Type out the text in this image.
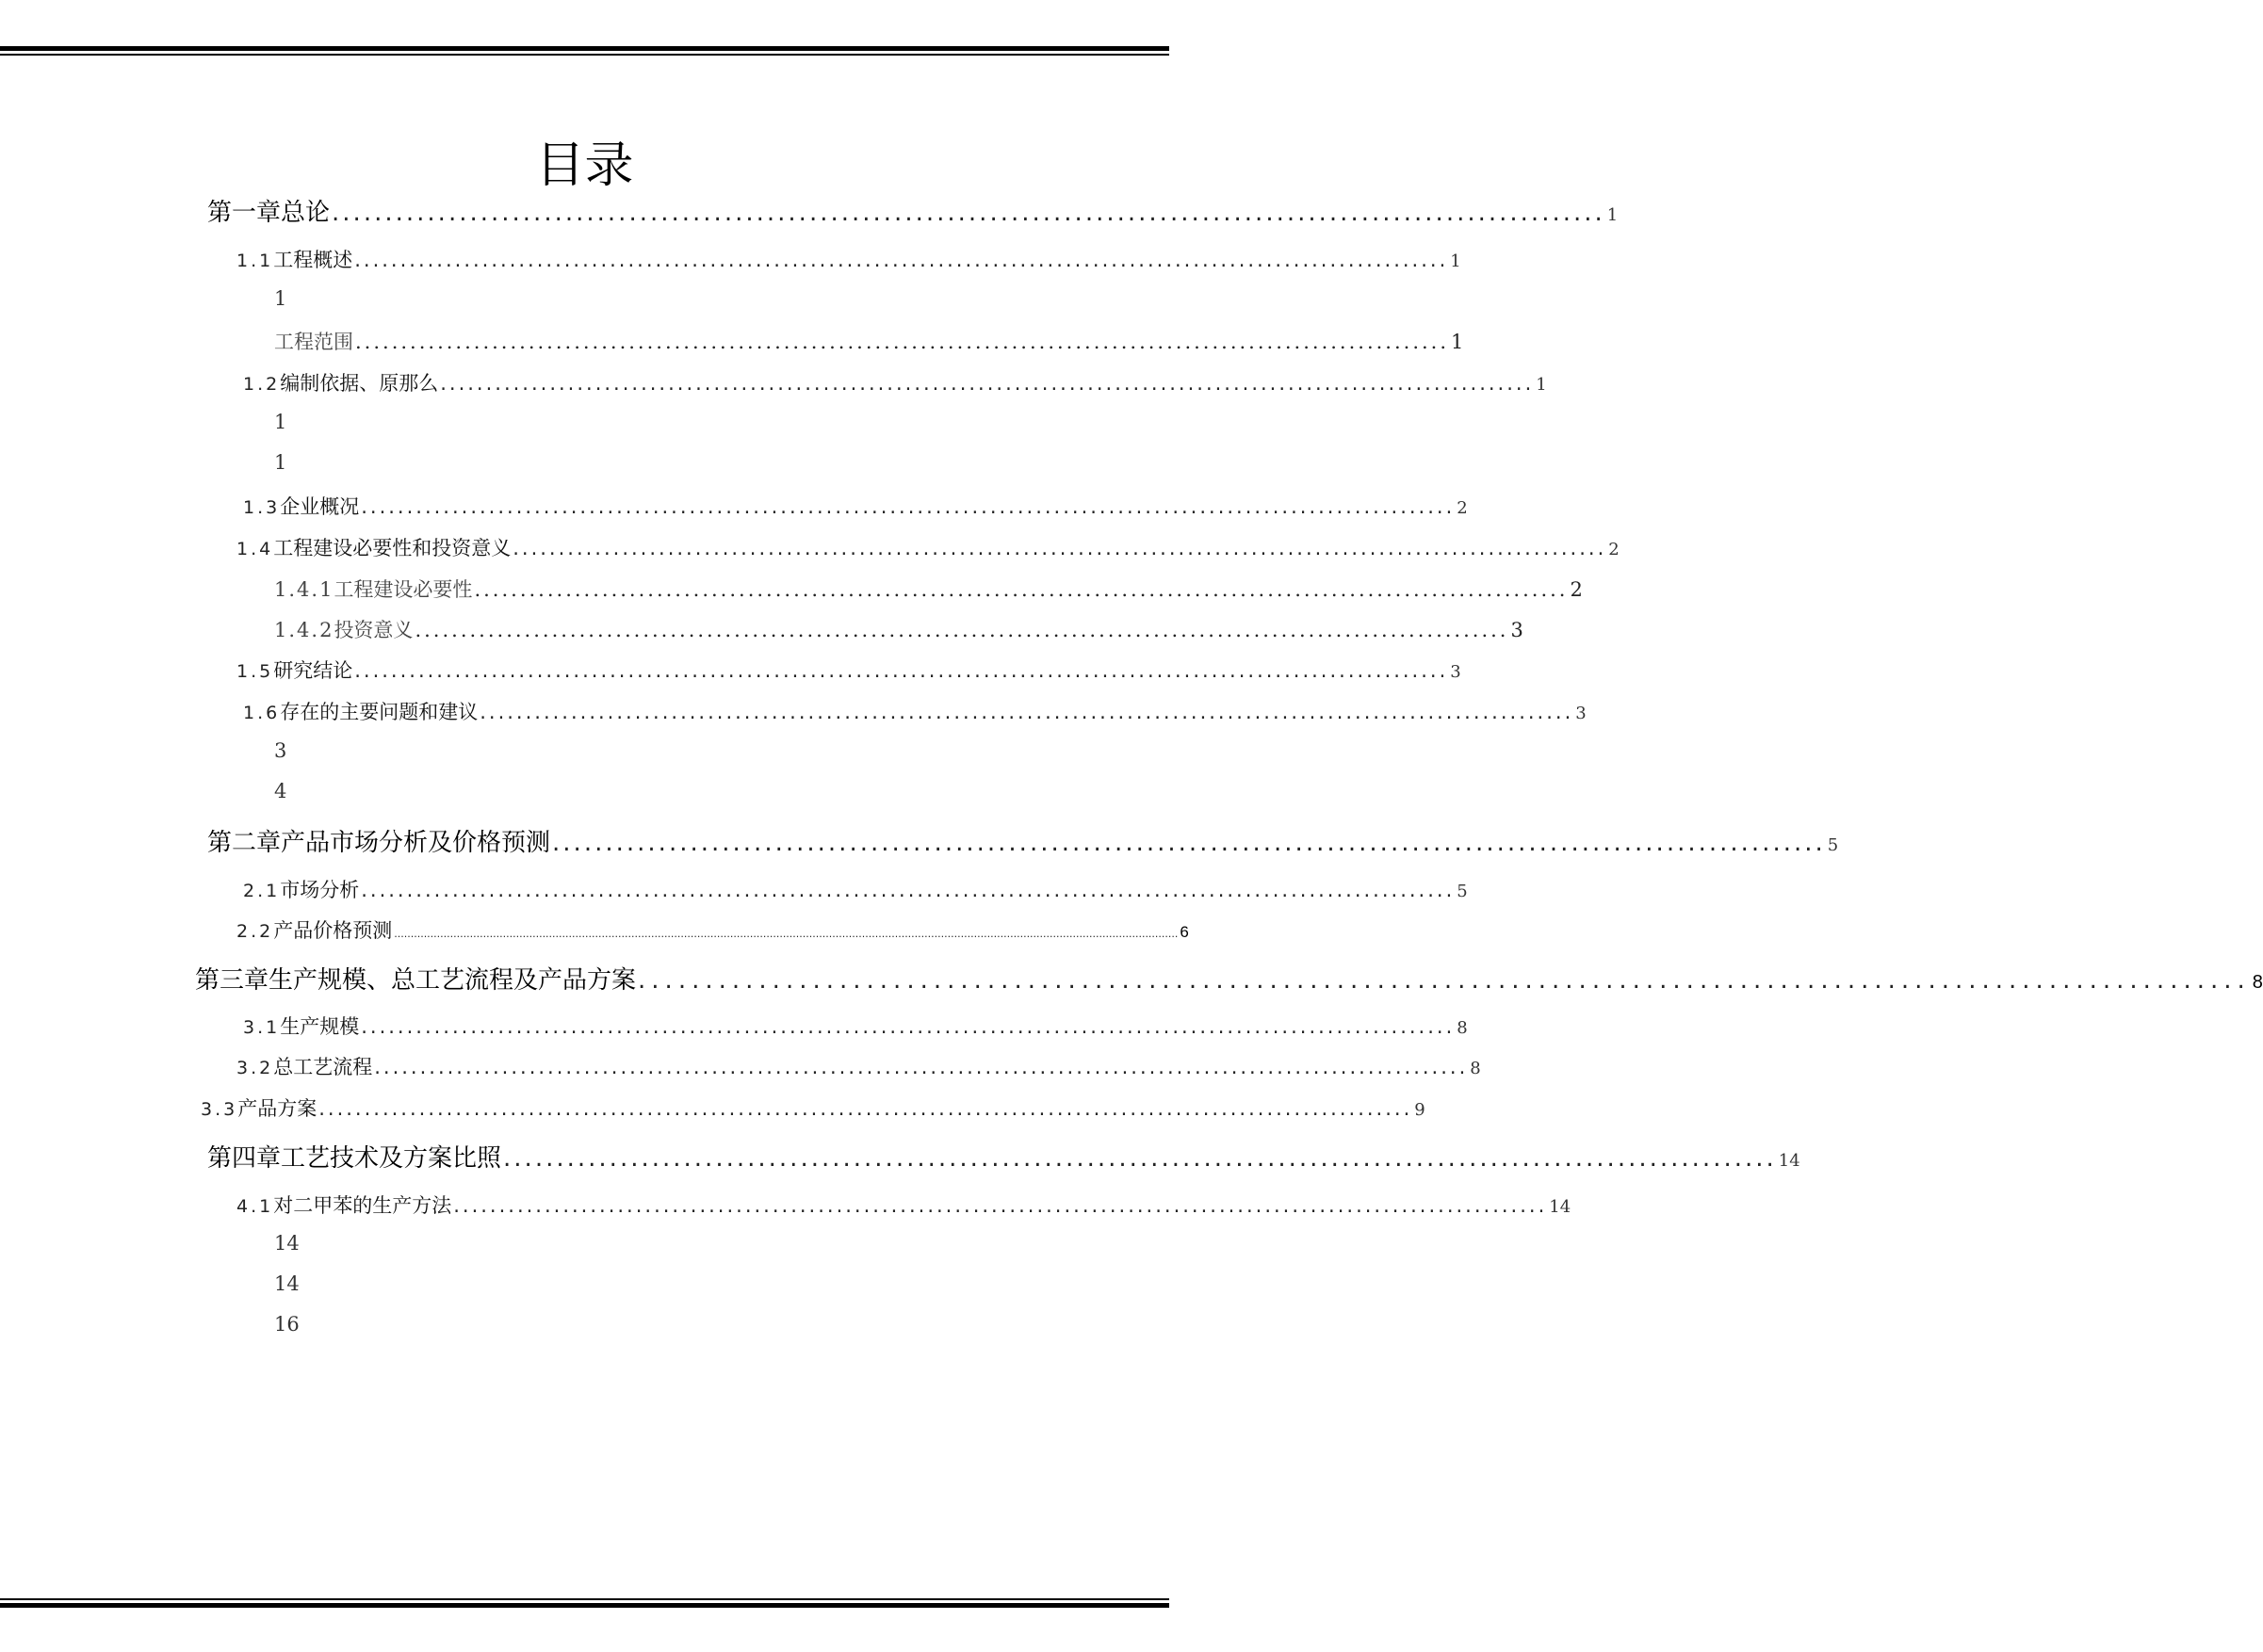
目录
第一章 总论 ........................................................................................................................ 1
1.1 工程概述 ........................................................................................................................ 1
1
工程范围 ........................................................................................................................ 1
1.2 编制依据、原那么 ........................................................................................................................ 1
1
1
1.3 企业概况 ........................................................................................................................ 2
1.4 工程建设必要性和投资意义 ........................................................................................................................ 2
1.4.1 工程建设必要性 ........................................................................................................................ 2
1.4.2 投资意义 ........................................................................................................................ 3
1.5 研究结论 ........................................................................................................................ 3
1.6 存在的主要问题和建议 ........................................................................................................................ 3
3
4
第二章 产品市场分析及价格预测 ........................................................................................................................ 5
2.1 市场分析 ........................................................................................................................ 5
2.2 产品价格预测 .............................................................................................................................................................................................................................................. 6
第三章 生产规模、总工艺流程及产品方案 ........................................................................................................................ 8
3.1 生产规模 ........................................................................................................................ 8
3.2 总工艺流程 ........................................................................................................................ 8
3.3 产品方案 ........................................................................................................................ 9
第四章 工艺技术及方案比照 ........................................................................................................................ 14
4.1 对二甲苯的生产方法 ........................................................................................................................ 14
14
14
16
